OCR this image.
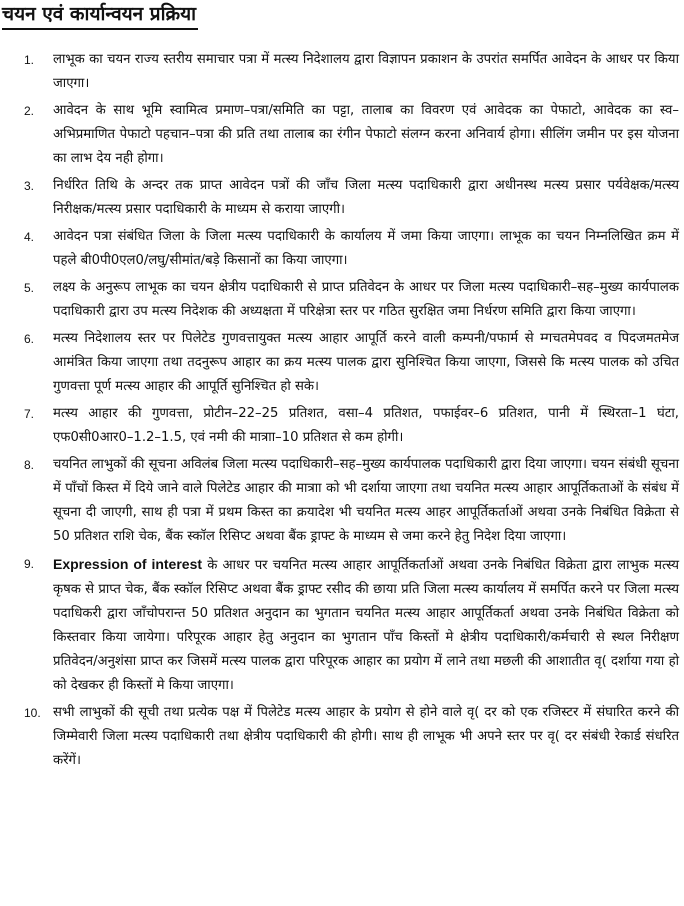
चयन एवं कार्यान्वयन प्रक्रिया
1.	लाभूक का चयन राज्य स्तरीय समाचार पत्रा में मत्स्य निदेशालय द्वारा विज्ञापन प्रकाशन के उपरांत समर्पित आवेदन के आधर पर किया जाएगा।
2.	आवेदन के साथ भूमि स्वामित्व प्रमाण–पत्रा/समिति का पट्टा, तालाब का विवरण एवं आवेदक का पेफाटो, आवेदक का स्व–अभिप्रमाणित पेफाटो पहचान–पत्रा की प्रति तथा तालाब का रंगीन पेफाटो संलग्न करना अनिवार्य होगा। सीलिंग जमीन पर इस योजना का लाभ देय नही होगा।
3.	निर्धरित तिथि के अन्दर तक प्राप्त आवेदन पत्रों की जाँच जिला मत्स्य पदाधिकारी द्वारा अधीनस्थ मत्स्य प्रसार पर्यवेक्षक/मत्स्य निरीक्षक/मत्स्य प्रसार पदाधिकारी के माध्यम से कराया जाएगी।
4.	आवेदन पत्रा संबंधित जिला के जिला मत्स्य पदाधिकारी के कार्यालय में जमा किया जाएगा। लाभूक का चयन निम्नलिखित क्रम में पहले बी0पी0एल0/लघु/सीमांत/बड़े किसानों का किया जाएगा।
5.	लक्ष्य के अनुरूप लाभूक का चयन क्षेत्रीय पदाधिकारी से प्राप्त प्रतिवेदन के आधर पर जिला मत्स्य पदाधिकारी–सह–मुख्य कार्यपालक पदाधिकारी द्वारा उप मत्स्य निदेशक की अध्यक्षता में परिक्षेत्रा स्तर पर गठित सुरक्षित जमा निर्धरण समिति द्वारा किया जाएगा।
6.	मत्स्य निदेशालय स्तर पर पिलेटेड गुणवत्तायुक्त मत्स्य आहार आपूर्ति करने वाली कम्पनी/पफार्म से म्गचतमेपवद व पिदजमतमेज आमंत्रित किया जाएगा तथा तदनुरूप आहार का क्रय मत्स्य पालक द्वारा सुनिश्चित किया जाएगा, जिससे कि मत्स्य पालक को उचित गुणवत्ता पूर्ण मत्स्य आहार की आपूर्ति सुनिश्चित हो सके।
7.	मत्स्य आहार की गुणवत्ता, प्रोटीन–22–25 प्रतिशत, वसा–4 प्रतिशत, पफाईवर–6 प्रतिशत, पानी में स्थिरता–1 घंटा, एफ0सी0आर0–1.2–1.5, एवं नमी की मात्राा–10 प्रतिशत से कम होगी।
8.	चयनित लाभुकों की सूचना अविलंब जिला मत्स्य पदाधिकारी–सह–मुख्य कार्यपालक पदाधिकारी द्वारा दिया जाएगा। चयन संबंधी सूचना में पाँचों किस्त में दिये जाने वाले पिलेटेड आहार की मात्राा को भी दर्शाया जाएगा तथा चयनित मत्स्य आहार आपूर्तिकताओं के संबंध में सूचना दी जाएगी, साथ ही पत्रा में प्रथम किस्त का क्रयादेश भी चयनित मत्स्य आहर आपूर्तिकर्ताओं अथवा उनके निबंधित विक्रेता से 50 प्रतिशत राशि चेक, बैंक स्कॉल रिसिप्ट अथवा बैंक ड्राफ्ट के माध्यम से जमा करने हेतु निदेश दिया जाएगा।
9.	Expression of interest के आधर पर चयनित मत्स्य आहार आपूर्तिकर्ताओं अथवा उनके निबंधित विक्रेता द्वारा लाभुक मत्स्य कृषक से प्राप्त चेक, बैंक स्कॉल रिसिप्ट अथवा बैंक ड्राफ्ट रसीद की छाया प्रति जिला मत्स्य कार्यालय में समर्पित करने पर जिला मत्स्य पदाधिकरी द्वारा जाँचोपरान्त 50 प्रतिशत अनुदान का भुगतान चयनित मत्स्य आहार आपूर्तिकर्ता अथवा उनके निबंधित विक्रेता को किस्तवार किया जायेगा। परिपूरक आहार हेतु अनुदान का भुगतान पाँच किस्तों मे क्षेत्रीय पदाधिकारी/कर्मचारी से स्थल निरीक्षण प्रतिवेदन/अनुशंसा प्राप्त कर जिसमें मत्स्य पालक द्वारा परिपूरक आहार का प्रयोग में लाने तथा मछली की आशातीत वृ( दर्शाया गया हो को देखकर ही किस्तों मे किया जाएगा।
10. सभी लाभुकों की सूची तथा प्रत्येक पक्ष में पिलेटेड मत्स्य आहार के प्रयोग से होने वाले वृ( दर को एक रजिस्टर में संघारित करने की जिम्मेवारी जिला मत्स्य पदाधिकारी तथा क्षेत्रीय पदाधिकारी की होगी। साथ ही लाभूक भी अपने स्तर पर वृ( दर संबंधी रेकार्ड संधरित करेंगें।
